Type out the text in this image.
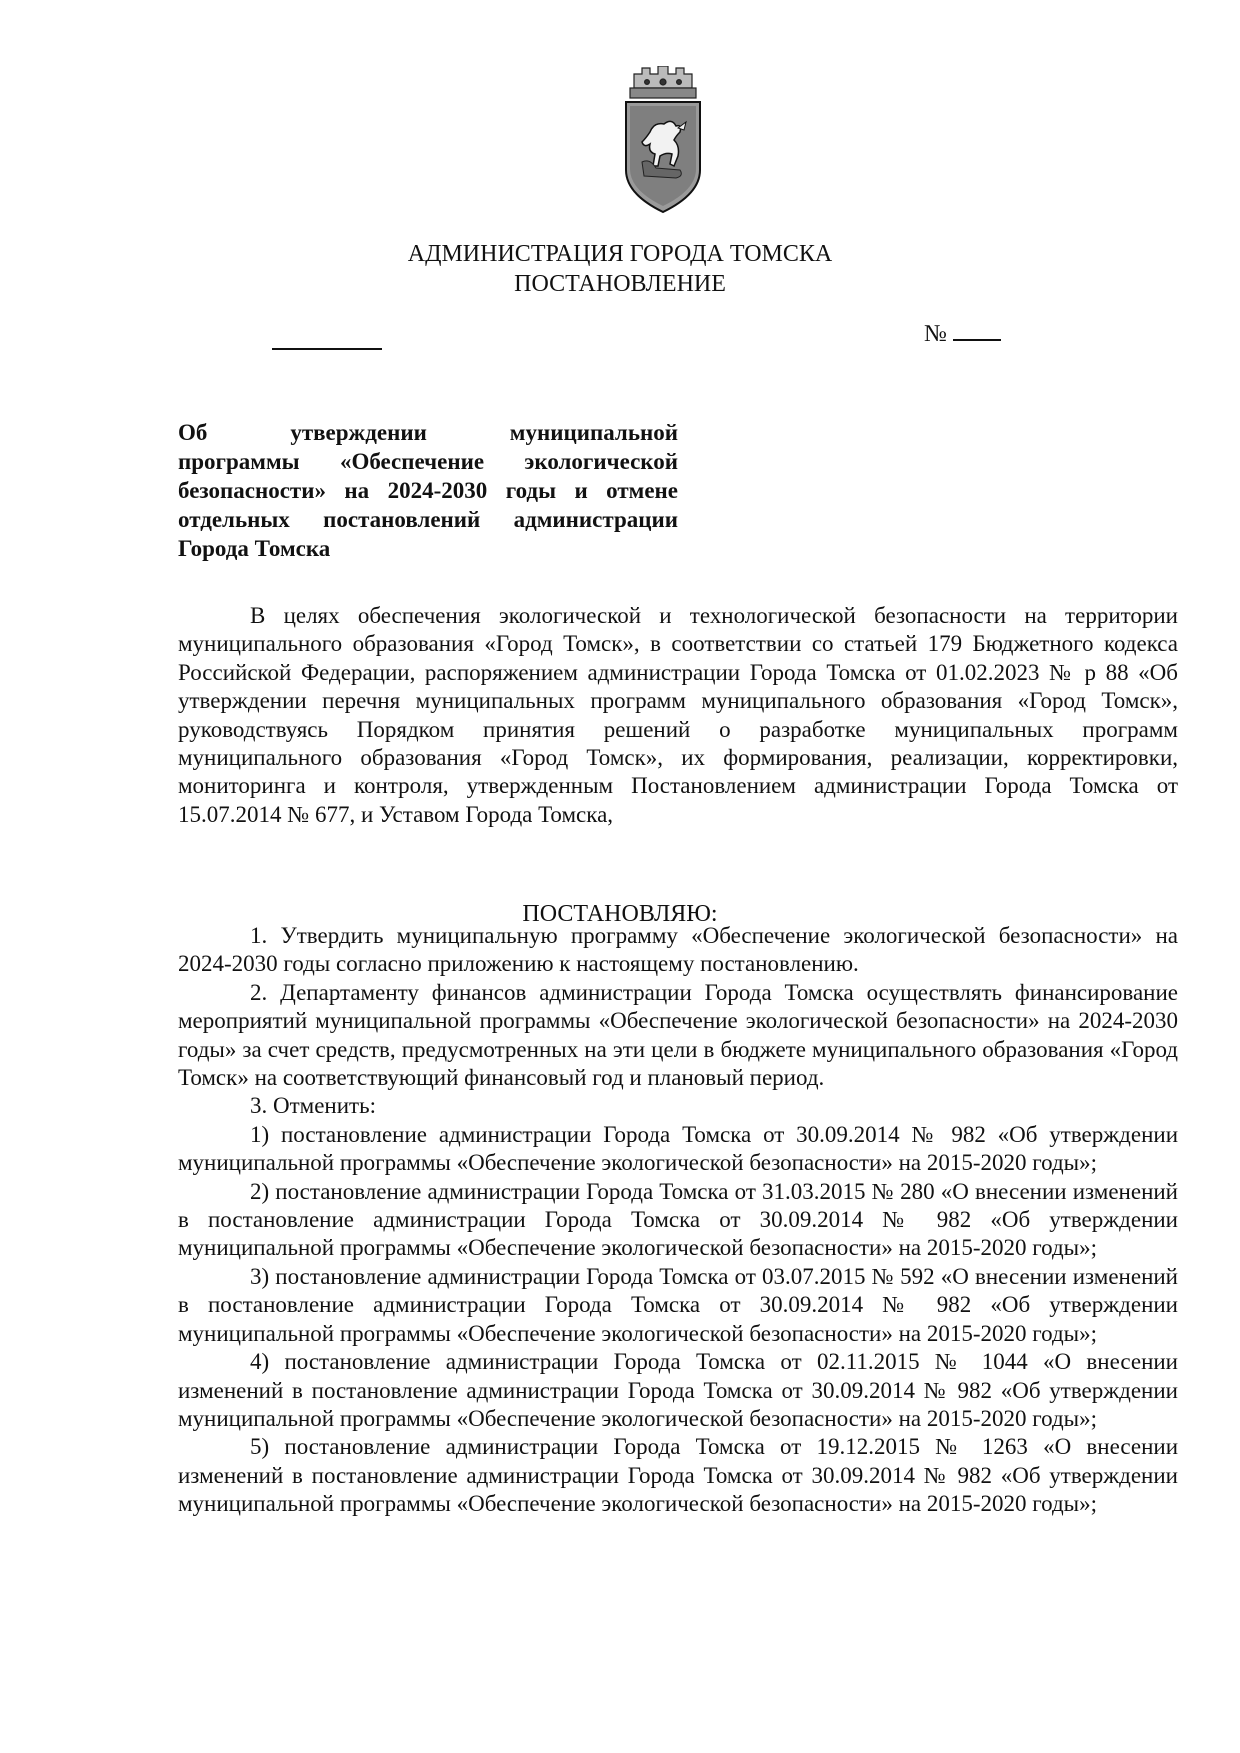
АДМИНИСТРАЦИЯ ГОРОДА ТОМСКА
ПОСТАНОВЛЕНИЕ
№
Об утверждении муниципальной
программы «Обеспечение экологической
безопасности» на 2024-2030 годы и отмене
отдельных постановлений администрации
Города Томска

В целях обеспечения экологической и технологической безопасности на территории муниципального образования «Город Томск», в соответствии со статьей 179 Бюджетного кодекса Российской Федерации, распоряжением администрации Города Томска от 01.02.2023 № р 88 «Об утверждении перечня муниципальных программ муниципального образования «Город Томск», руководствуясь Порядком принятия решений о разработке муниципальных программ муниципального образования «Город Томск», их формирования, реализации, корректировки, мониторинга и контроля, утвержденным Постановлением администрации Города Томска от 15.07.2014 № 677, и Уставом Города Томска,

ПОСТАНОВЛЯЮ:

1. Утвердить муниципальную программу «Обеспечение экологической безопасности» на 2024-2030 годы согласно приложению к настоящему постановлению.

2. Департаменту финансов администрации Города Томска осуществлять финансирование мероприятий муниципальной программы «Обеспечение экологической безопасности» на 2024-2030 годы» за счет средств, предусмотренных на эти цели в бюджете муниципального образования «Город Томск» на соответствующий финансовый год и плановый период.

3. Отменить:

1) постановление администрации Города Томска от 30.09.2014 № 982 «Об утверждении муниципальной программы «Обеспечение экологической безопасности» на 2015-2020 годы»;

2) постановление администрации Города Томска от 31.03.2015 № 280 «О внесении изменений в постановление администрации Города Томска от 30.09.2014 № 982 «Об утверждении муниципальной программы «Обеспечение экологической безопасности» на 2015-2020 годы»;

3) постановление администрации Города Томска от 03.07.2015 № 592 «О внесении изменений в постановление администрации Города Томска от 30.09.2014 № 982 «Об утверждении муниципальной программы «Обеспечение экологической безопасности» на 2015-2020 годы»;

4) постановление администрации Города Томска от 02.11.2015 № 1044 «О внесении изменений в постановление администрации Города Томска от 30.09.2014 № 982 «Об утверждении муниципальной программы «Обеспечение экологической безопасности» на 2015-2020 годы»;

5) постановление администрации Города Томска от 19.12.2015 № 1263 «О внесении изменений в постановление администрации Города Томска от 30.09.2014 № 982 «Об утверждении муниципальной программы «Обеспечение экологической безопасности» на 2015-2020 годы»;
